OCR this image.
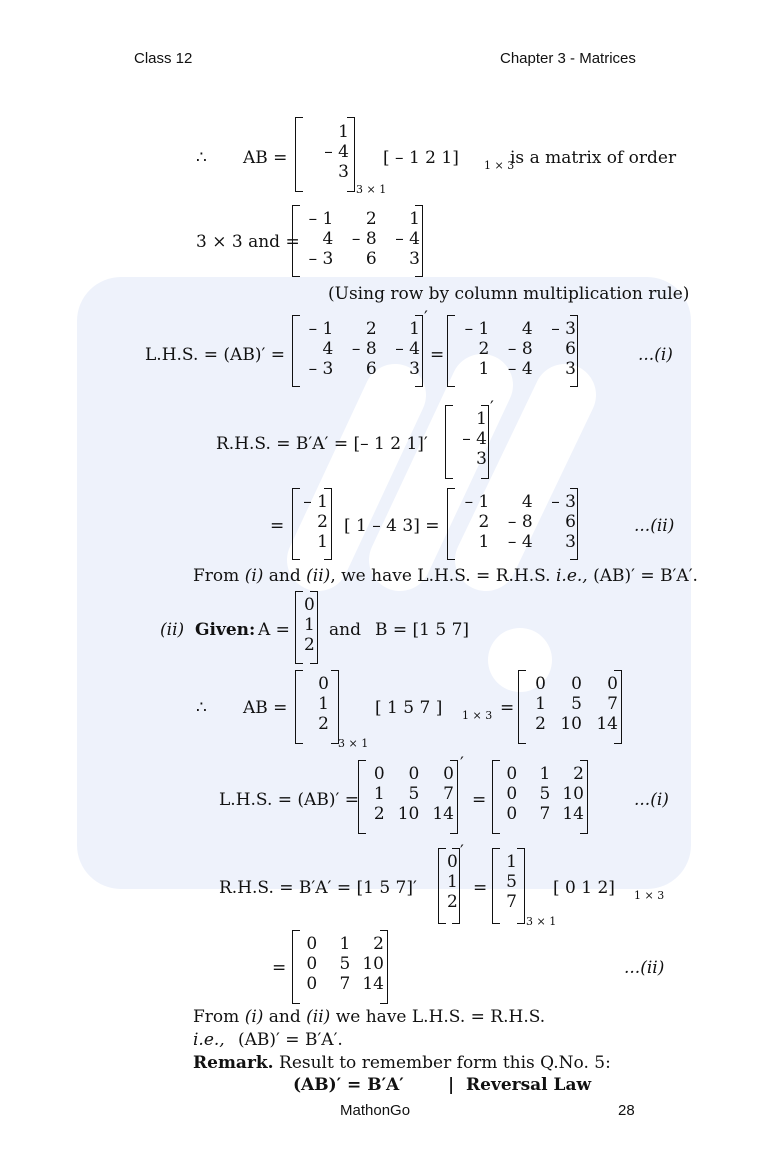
Class 12	Chapter 3 - Matrices
∴ AB =
1
– 4
3
3 × 1
[ – 1 2 1] 1 × 3
is a matrix of order
3 × 3 and =
– 1	2	1
4	– 8	– 4
– 3	6	3
(Using row by column multiplication rule)
L.H.S. = (AB)′ =
– 1	2	1
4	– 8	– 4
– 3	6	3
′
=
– 1	4	– 3
2	– 8	6
1	– 4	3
...(i)
R.H.S. = B′A′ = [– 1 2 1]′
1
– 4
3
′
=
– 1
2
1
[ 1 – 4 3] =
– 1	4	– 3
2	– 8	6
1	– 4	3
...(ii)
From (i) and (ii), we have L.H.S. = R.H.S. i.e., (AB)′ = B′A′.
(ii) Given: A =
0
1
2
and B = [1 5 7]
∴ AB =
0
1
2
3 × 1
[ 1 5 7 ] 1 × 3 =
0	0	0
1	5	7
2 10 14
L.H.S. = (AB)′ =
0	0	0
1	5	7
2 10 14
′
=
0	1	2
0	5 10
0	7 14
...(i)
R.H.S. = B′A′ = [1 5 7]′
0
1
2
′
=
1
5
7
3 × 1
[ 0 1 2] 1 × 3
=
0	1	2
0	5 10
0	7 14
...(ii)
From (i) and (ii) we have L.H.S. = R.H.S.
i.e., (AB)′ = B′A′.
Remark. Result to remember form this Q.No. 5:
(AB)′ = B′A′	| Reversal Law
MathonGo	28
